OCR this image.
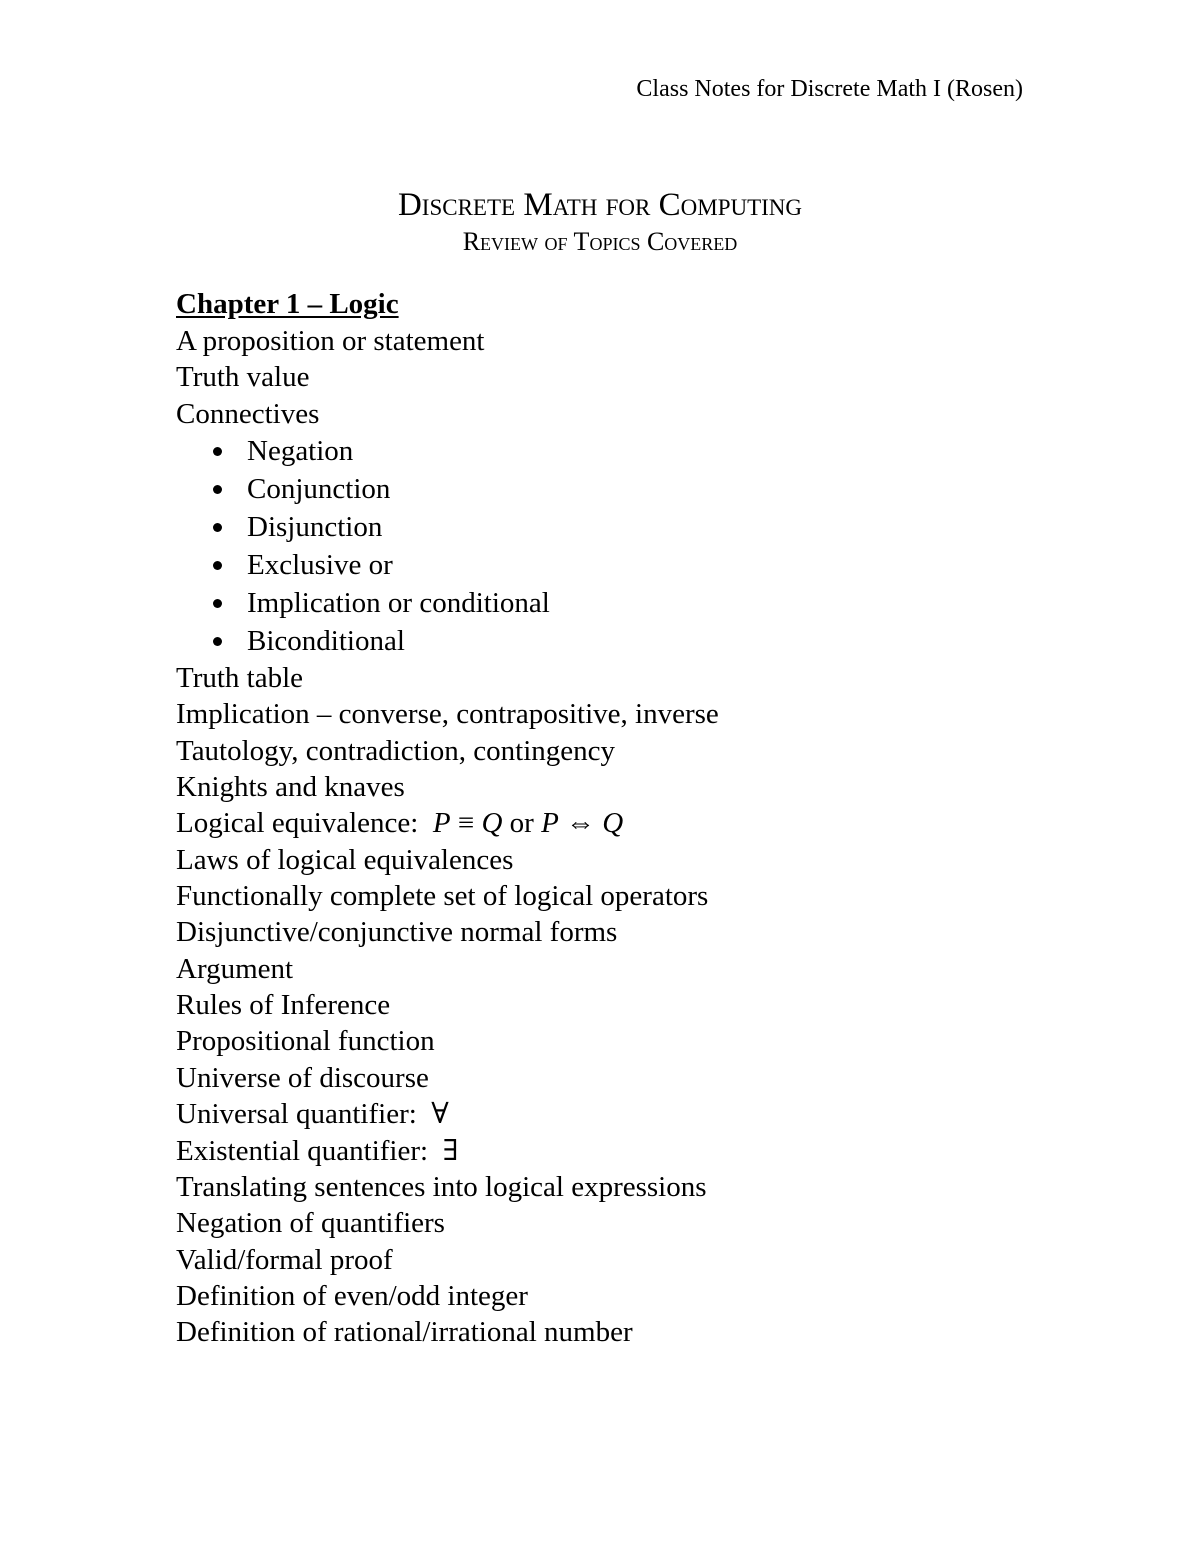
Class Notes for Discrete Math I (Rosen)
Discrete Math for Computing
Review of Topics Covered
Chapter 1 – Logic
A proposition or statement
Truth value
Connectives
Negation
Conjunction
Disjunction
Exclusive or
Implication or conditional
Biconditional
Truth table
Implication – converse, contrapositive, inverse
Tautology, contradiction, contingency
Knights and knaves
Logical equivalence:  P ≡ Q or P ⇔ Q
Laws of logical equivalences
Functionally complete set of logical operators
Disjunctive/conjunctive normal forms
Argument
Rules of Inference
Propositional function
Universe of discourse
Universal quantifier:  ∀
Existential quantifier:  ∃
Translating sentences into logical expressions
Negation of quantifiers
Valid/formal proof
Definition of even/odd integer
Definition of rational/irrational number
